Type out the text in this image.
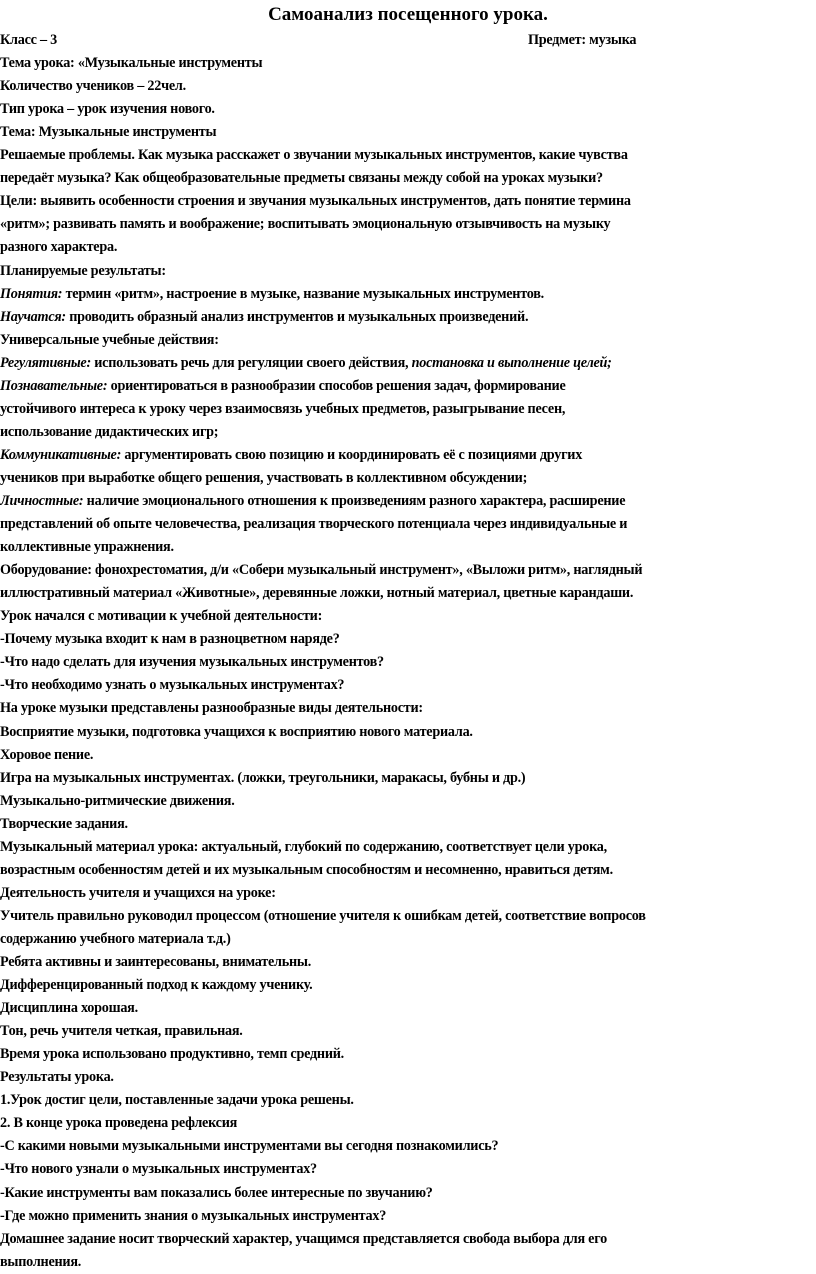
Самоанализ посещенного урока.
Класс – 3	Предмет: музыка
Тема урока: «Музыкальные инструменты
Количество учеников – 22чел.
Тип урока – урок изучения нового.
Тема: Музыкальные инструменты
Решаемые проблемы. Как музыка расскажет о звучании музыкальных инструментов, какие чувства
передаёт музыка? Как общеобразовательные предметы связаны между собой на уроках музыки?
Цели: выявить особенности строения и звучания музыкальных инструментов, дать понятие термина
«ритм»; развивать память и воображение; воспитывать эмоциональную отзывчивость на музыку
разного характера.
Планируемые результаты:
Понятия: термин «ритм», настроение в музыке, название музыкальных инструментов.
Научатся: проводить образный анализ инструментов и музыкальных произведений.
Универсальные учебные действия:
Регулятивные: использовать речь для регуляции своего действия, постановка и выполнение целей;
Познавательные: ориентироваться в разнообразии способов решения задач, формирование
устойчивого интереса к уроку через взаимосвязь учебных предметов, разыгрывание песен,
использование дидактических игр;
Коммуникативные: аргументировать свою позицию и координировать её с позициями других
учеников при выработке общего решения, участвовать в коллективном обсуждении;
Личностные: наличие эмоционального отношения к произведениям разного характера, расширение
представлений об опыте человечества, реализация творческого потенциала через индивидуальные и
коллективные упражнения.
Оборудование: фонохрестоматия, д/и «Собери музыкальный инструмент», «Выложи ритм», наглядный
иллюстративный материал «Животные», деревянные ложки, нотный материал, цветные карандаши.
Урок начался с мотивации к учебной деятельности:
-Почему музыка входит к нам в разноцветном наряде?
-Что надо сделать для изучения музыкальных инструментов?
-Что необходимо узнать о музыкальных инструментах?
На уроке музыки представлены разнообразные виды деятельности:
Восприятие музыки, подготовка учащихся к восприятию нового материала.
Хоровое пение.
Игра на музыкальных инструментах. (ложки, треугольники, маракасы, бубны и др.)
Музыкально-ритмические движения.
Творческие задания.
Музыкальный материал урока: актуальный, глубокий по содержанию, соответствует цели урока,
возрастным особенностям детей и их музыкальным способностям и несомненно, нравиться детям.
Деятельность учителя и учащихся на уроке:
Учитель правильно руководил процессом (отношение учителя к ошибкам детей, соответствие вопросов
содержанию учебного материала т.д.)
Ребята активны и заинтересованы, внимательны.
Дифференцированный подход к каждому ученику.
Дисциплина хорошая.
Тон, речь учителя четкая, правильная.
Время урока использовано продуктивно, темп средний.
Результаты урока.
1.Урок достиг цели, поставленные задачи урока решены.
2. В конце урока проведена рефлексия
-С какими новыми музыкальными инструментами вы сегодня познакомились?
-Что нового узнали о музыкальных инструментах?
-Какие инструменты вам показались более интересные по звучанию?
-Где можно применить знания о музыкальных инструментах?
Домашнее задание носит творческий характер, учащимся представляется свобода выбора для его
выполнения.
